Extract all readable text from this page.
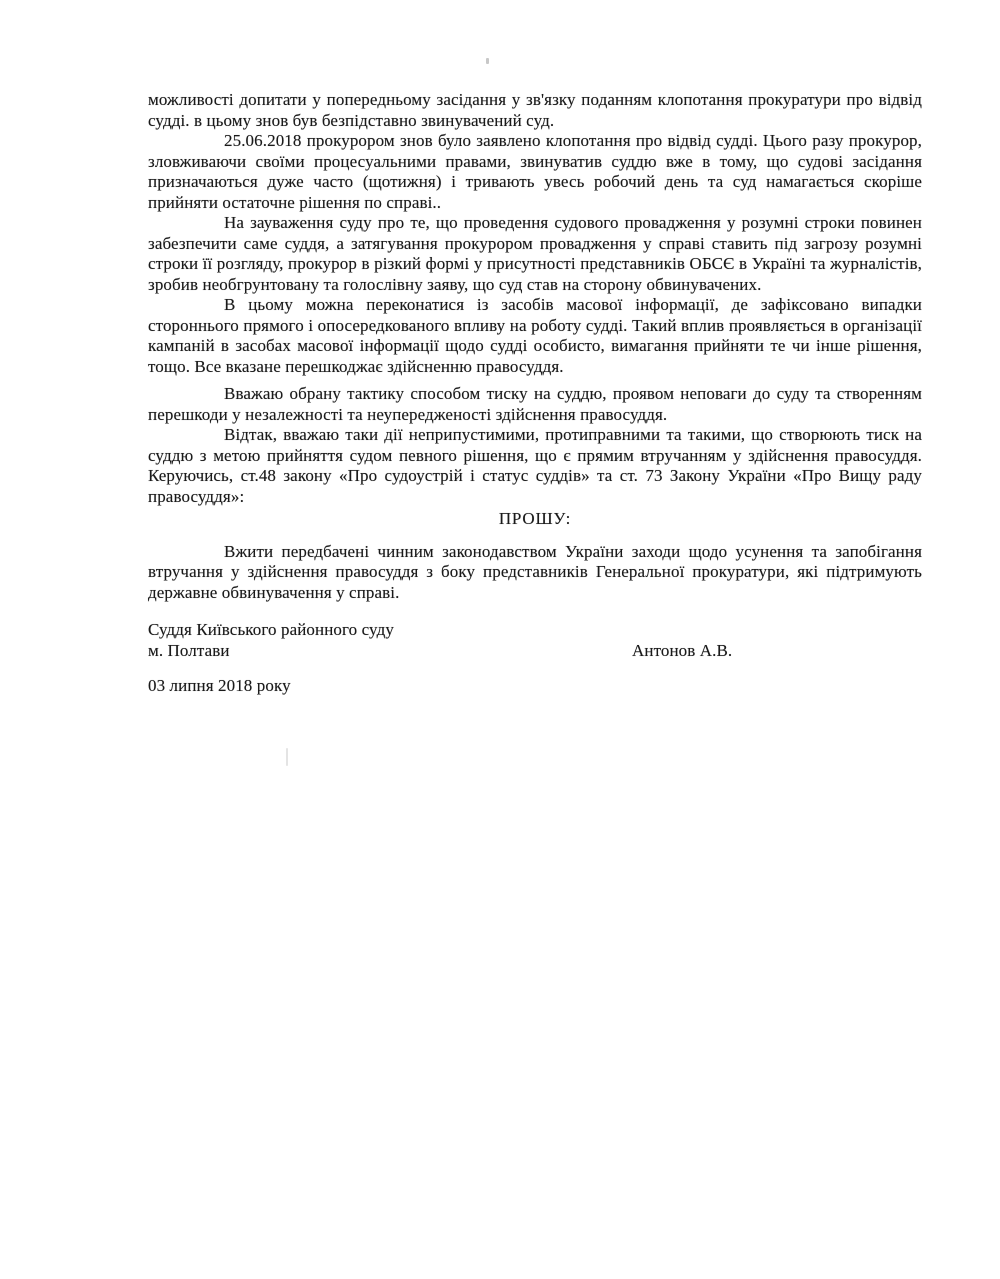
можливості допитати у попередньому засідання у зв'язку поданням клопотання прокуратури про відвід судді. в цьому знов був безпідставно звинувачений суд.

25.06.2018 прокурором знов було заявлено клопотання про відвід судді. Цього разу прокурор, зловживаючи своїми процесуальними правами, звинуватив суддю вже в тому, що судові засідання призначаються дуже часто (щотижня) і тривають увесь робочий день та суд намагається скоріше прийняти остаточне рішення по справі..

На зауваження суду про те, що проведення судового провадження у розумні строки повинен забезпечити саме суддя, а затягування прокурором провадження у справі ставить під загрозу розумні строки її розгляду, прокурор в різкий формі у присутності представників ОБСЄ в Україні та журналістів, зробив необгрунтовану та голослівну заяву, що суд став на сторону обвинувачених.

В цьому можна переконатися із засобів масової інформації, де зафіксовано випадки стороннього прямого і опосередкованого впливу на роботу судді. Такий вплив проявляється в організації кампаній в засобах масової інформації щодо судді особисто, вимагання прийняти те чи інше рішення, тощо. Все вказане перешкоджає здійсненню правосуддя.

Вважаю обрану тактику способом тиску на суддю, проявом неповаги до суду та створенням перешкоди у незалежності та неупередженості здійснення правосуддя.

Відтак, вважаю таки дії неприпустимими, протиправними та такими, що створюють тиск на суддю з метою прийняття судом певного рішення, що є прямим втручанням у здійснення правосуддя. Керуючись, ст.48 закону «Про судоустрій і статус суддів» та ст. 73 Закону України «Про Вищу раду правосуддя»:

ПРОШУ:

Вжити передбачені чинним законодавством України заходи щодо усунення та запобігання втручання у здійснення правосуддя з боку представників Генеральної прокуратури, які підтримують державне обвинувачення у справі.

Суддя Київського районного суду
м. Полтави	Антонов А.В.
03 липня 2018 року
